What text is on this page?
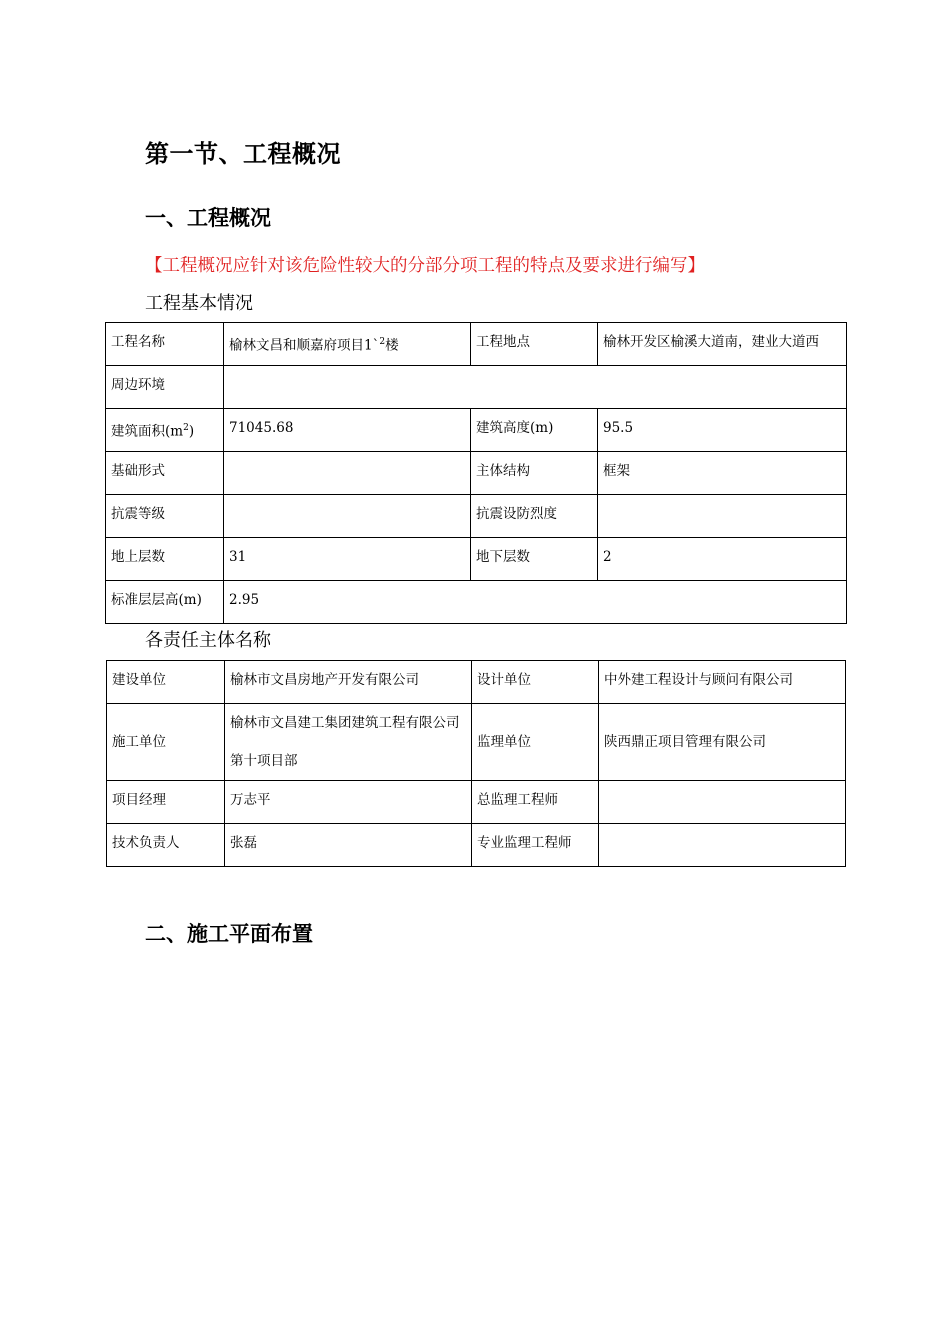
第一节、工程概况
一、工程概况
【工程概况应针对该危险性较大的分部分项工程的特点及要求进行编写】
工程基本情况
工程名称	榆林文昌和顺嘉府项目1`$^2$楼	工程地点	榆林开发区榆溪大道南，建业大道西
周边环境			
建筑面积$(m^2)$	71045.68	建筑高度(m)	95.5
基础形式		主体结构	框架
抗震等级		抗震设防烈度	
地上层数	31	地下层数	2
标准层层高(m)	2.95		
各责任主体名称
建设单位	榆林市文昌房地产开发有限公司	设计单位	中外建工程设计与顾问有限公司
施工单位	榆林市文昌建工集团建筑工程有限公司第十项目部	监理单位	陕西鼎正项目管理有限公司
项目经理	万志平	总监理工程师	
技术负责人	张磊	专业监理工程师	
二、施工平面布置
